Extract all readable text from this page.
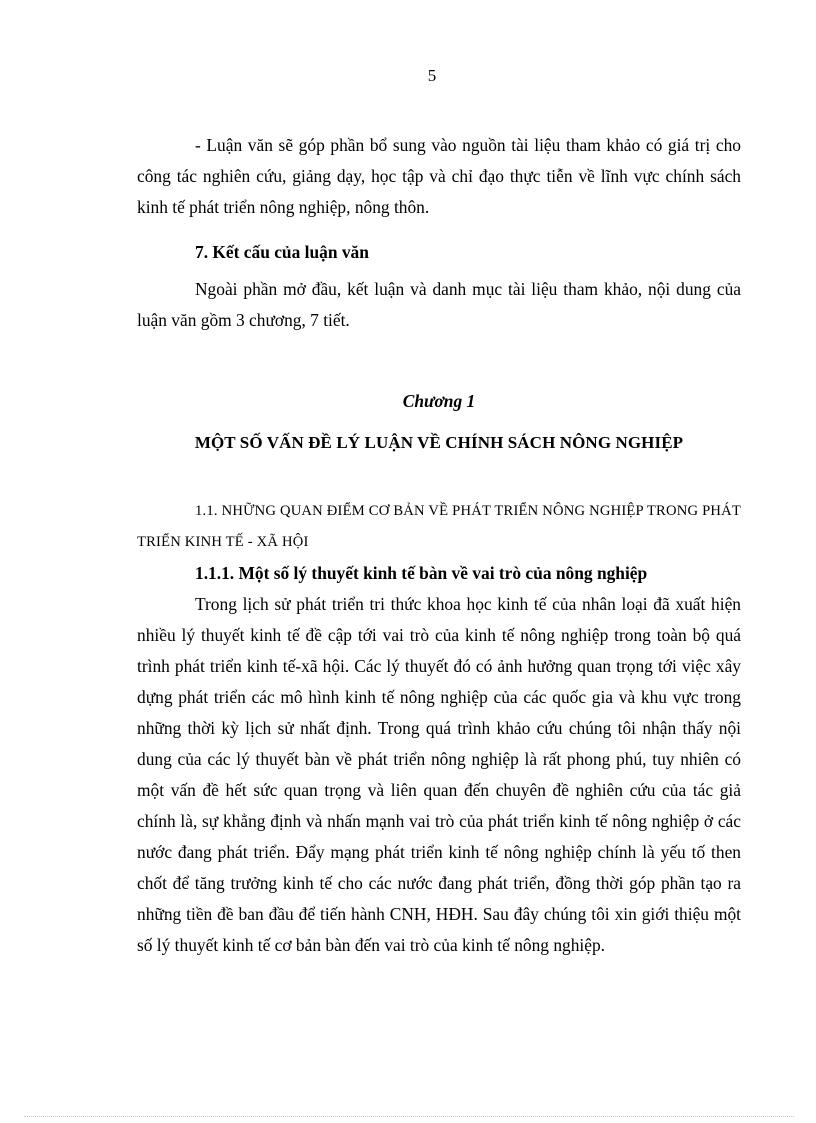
5

- Luận văn sẽ góp phần bổ sung vào nguồn tài liệu tham khảo có giá trị cho công tác nghiên cứu, giảng dạy, học tập và chỉ đạo thực tiễn về lĩnh vực chính sách kinh tế phát triển nông nghiệp, nông thôn.

7. Kết cấu của luận văn

Ngoài phần mở đầu, kết luận và danh mục tài liệu tham khảo, nội dung của luận văn gồm 3 chương, 7 tiết.

Chương 1
MỘT SỐ VẤN ĐỀ LÝ LUẬN VỀ CHÍNH SÁCH NÔNG NGHIỆP

1.1. NHỮNG QUAN ĐIỂM CƠ BẢN VỀ PHÁT TRIỂN NÔNG NGHIỆP TRONG PHÁT TRIỂN KINH TẾ - XÃ HỘI

1.1.1. Một số lý thuyết kinh tế bàn về vai trò của nông nghiệp

Trong lịch sử phát triển tri thức khoa học kinh tế của nhân loại đã xuất hiện nhiều lý thuyết kinh tế đề cập tới vai trò của kinh tế nông nghiệp trong toàn bộ quá trình phát triển kinh tế-xã hội. Các lý thuyết đó có ảnh hưởng quan trọng tới việc xây dựng phát triển các mô hình kinh tế nông nghiệp của các quốc gia và khu vực trong những thời kỳ lịch sử nhất định. Trong quá trình khảo cứu chúng tôi nhận thấy nội dung của các lý thuyết bàn về phát triển nông nghiệp là rất phong phú, tuy nhiên có một vấn đề hết sức quan trọng và liên quan đến chuyên đề nghiên cứu của tác giả chính là, sự khẳng định và nhấn mạnh vai trò của phát triển kinh tế nông nghiệp ở các nước đang phát triển. Đẩy mạng phát triển kinh tế nông nghiệp chính là yếu tố then chốt để tăng trưởng kinh tế cho các nước đang phát triển, đồng thời góp phần tạo ra những tiền đề ban đầu để tiến hành CNH, HĐH. Sau đây chúng tôi xin giới thiệu một số lý thuyết kinh tế cơ bản bàn đến vai trò của kinh tế nông nghiệp.
